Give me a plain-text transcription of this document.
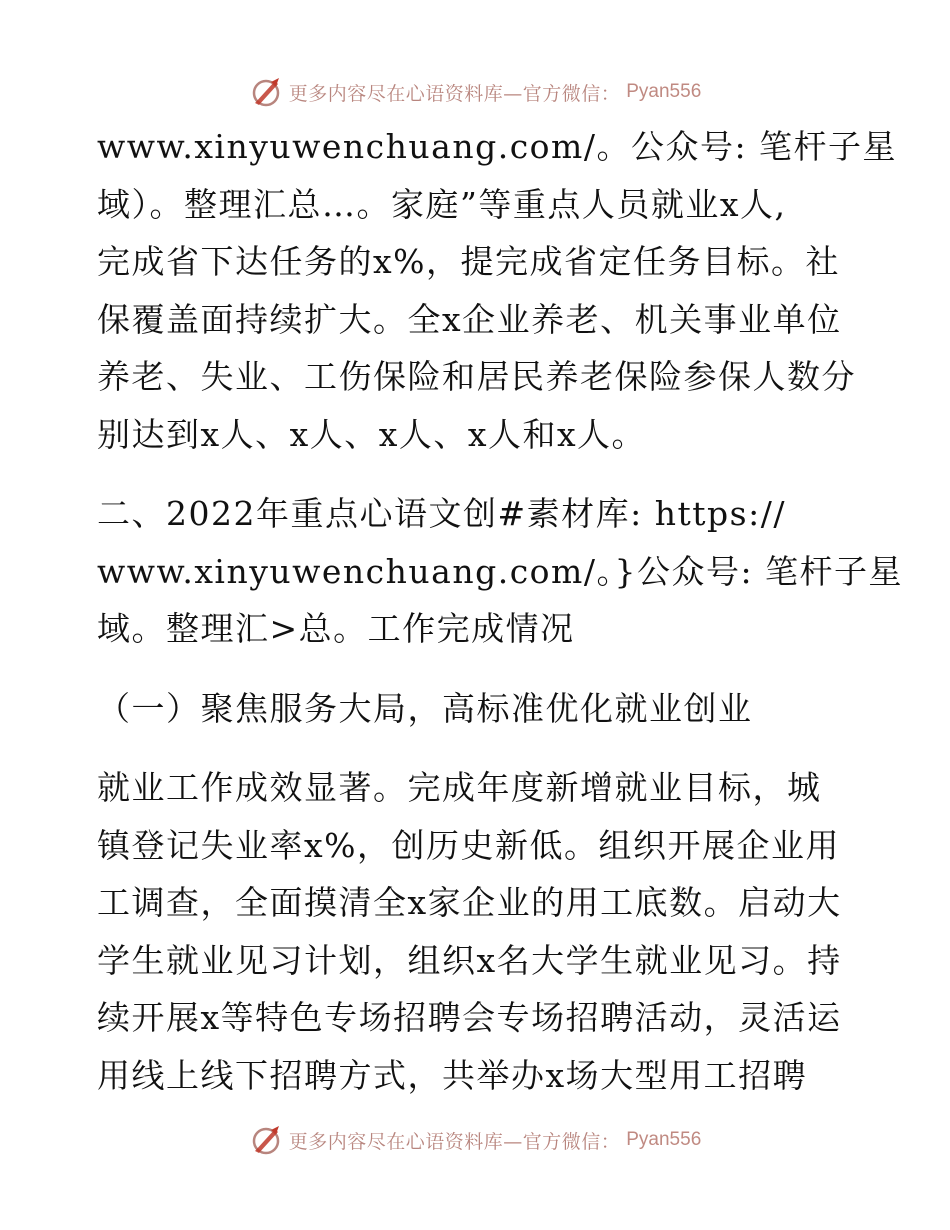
更多内容尽在心语资料库—官方微信： Pyan556
www.xinyuwenchuang.com/。公众号: 笔杆子星
域）。整理汇总…。家庭”等重点人员就业x人,
完成省下达任务的x%，提完成省定任务目标。社
保覆盖面持续扩大。全x企业养老、机关事业单位
养老、失业、工伤保险和居民养老保险参保人数分
别达到x人、x人、x人、x人和x人。
二、2022年重点心语文创#素材库: https://
www.xinyuwenchuang.com/。}公众号: 笔杆子星
域。整理汇>总。工作完成情况
（一）聚焦服务大局，高标准优化就业创业
就业工作成效显著。完成年度新增就业目标，城
镇登记失业率x%，创历史新低。组织开展企业用
工调查，全面摸清全x家企业的用工底数。启动大
学生就业见习计划，组织x名大学生就业见习。持
续开展x等特色专场招聘会专场招聘活动，灵活运
用线上线下招聘方式，共举办x场大型用工招聘
更多内容尽在心语资料库—官方微信： Pyan556
